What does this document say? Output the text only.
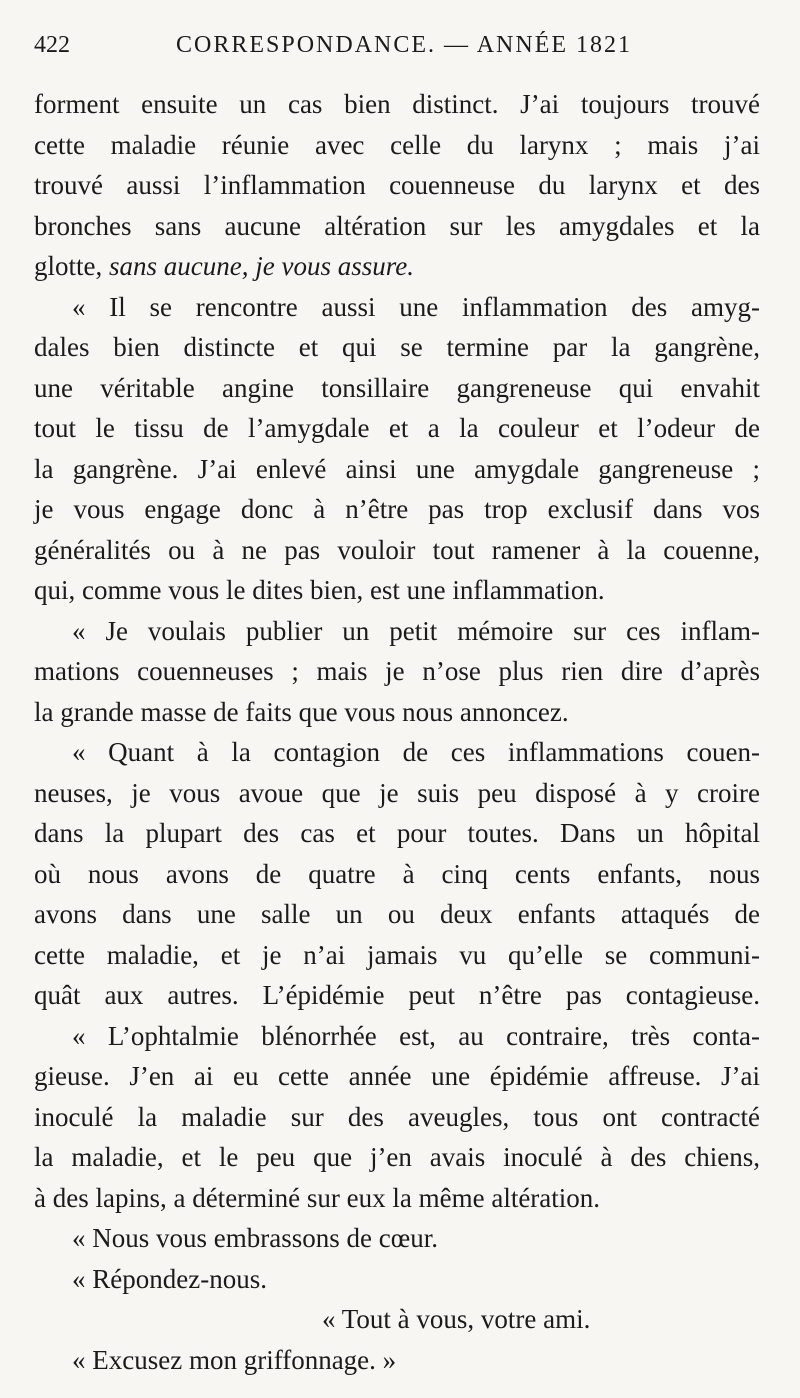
422	CORRESPONDANCE. — ANNÉE 1821
forment ensuite un cas bien distinct. J’ai toujours trouvé
cette maladie réunie avec celle du larynx ; mais j’ai
trouvé aussi l’inflammation couenneuse du larynx et des
bronches sans aucune altération sur les amygdales et la
glotte, sans aucune, je vous assure.
« Il se rencontre aussi une inflammation des amyg-
dales bien distincte et qui se termine par la gangrène,
une véritable angine tonsillaire gangreneuse qui envahit
tout le tissu de l’amygdale et a la couleur et l’odeur de
la gangrène. J’ai enlevé ainsi une amygdale gangreneuse ;
je vous engage donc à n’être pas trop exclusif dans vos
généralités ou à ne pas vouloir tout ramener à la couenne,
qui, comme vous le dites bien, est une inflammation.
« Je voulais publier un petit mémoire sur ces inflam-
mations couenneuses ; mais je n’ose plus rien dire d’après
la grande masse de faits que vous nous annoncez.
« Quant à la contagion de ces inflammations couen-
neuses, je vous avoue que je suis peu disposé à y croire
dans la plupart des cas et pour toutes. Dans un hôpital
où nous avons de quatre à cinq cents enfants, nous
avons dans une salle un ou deux enfants attaqués de
cette maladie, et je n’ai jamais vu qu’elle se communi-
quât aux autres. L’épidémie peut n’être pas contagieuse.
« L’ophtalmie blénorrhée est, au contraire, très conta-
gieuse. J’en ai eu cette année une épidémie affreuse. J’ai
inoculé la maladie sur des aveugles, tous ont contracté
la maladie, et le peu que j’en avais inoculé à des chiens,
à des lapins, a déterminé sur eux la même altération.
« Nous vous embrassons de cœur.
« Répondez-nous.
« Tout à vous, votre ami.
« Excusez mon griffonnage. »
